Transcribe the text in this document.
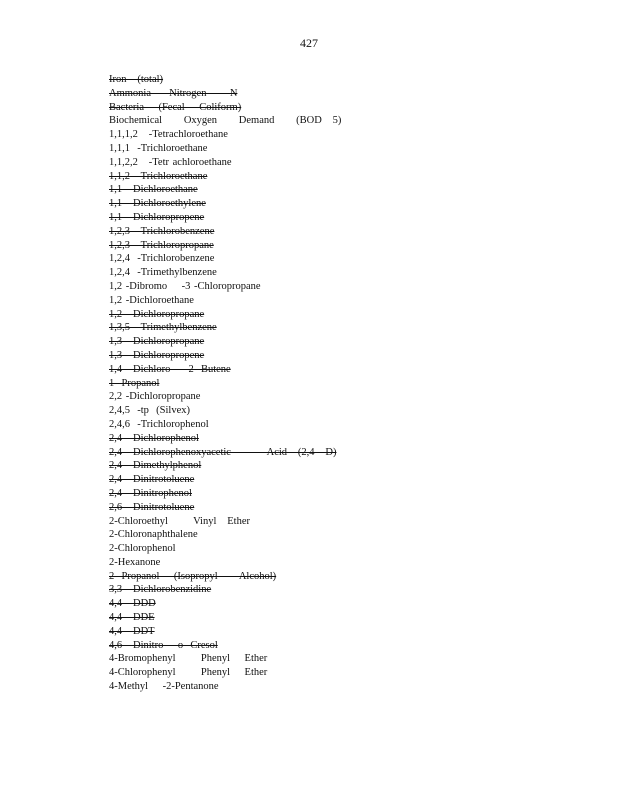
427
Iron   (total)
Ammonia     Nitrogen     –N
Bacteria    (Fecal    Coliform)
Biochemical      Oxygen      Demand      (BOD   5)
1,1,1,2   -Tetrachloroethane
1,1,1  -Trichloroethane
1,1,2,2   -Tetr achloroethane
1,1,2   Trichloroethane
1,1   Dichloroethane
1,1   Dichloroethylene
1,1   Dichloropropene
1,2,3   Trichlorobenzene
1,2,3   Trichloropropane
1,2,4  -Trichlorobenzene
1,2,4  -Trimethylbenzene
1,2 -Dibromo    -3 -Chloropropane
1,2 -Dichloroethane
1,2   Dichloropropane
1,3,5   Trimethylbenzene
1,3   Dichloropropane
1,3   Dichloropropene
1,4   Dichloro     2  Butene
1  Propanol
2,2 -Dichloropropane
2,4,5  -tp  (Silvex)
2,4,6  -Trichlorophenol
2,4   Dichlorophenol
2,4   Dichlorophenoxyacetic          Acid   (2,4   D)
2,4   Dimethylphenol
2,4   Dinitrotoluene
2,4   Dinitrophenol
2,6   Dinitrotoluene
2-Chloroethyl       Vinyl   Ether
2-Chloronaphthalene
2-Chlorophenol
2-Hexanone
2  Propanol    (Isopropyl      Alcohol)
3,3   Dichlorobenzidine
4,4   DDD
4,4   DDE
4,4   DDT
4,6   Dinitro    o  Cresol
4-Bromophenyl       Phenyl    Ether
4-Chlorophenyl       Phenyl    Ether
4-Methyl    -2-Pentanone
